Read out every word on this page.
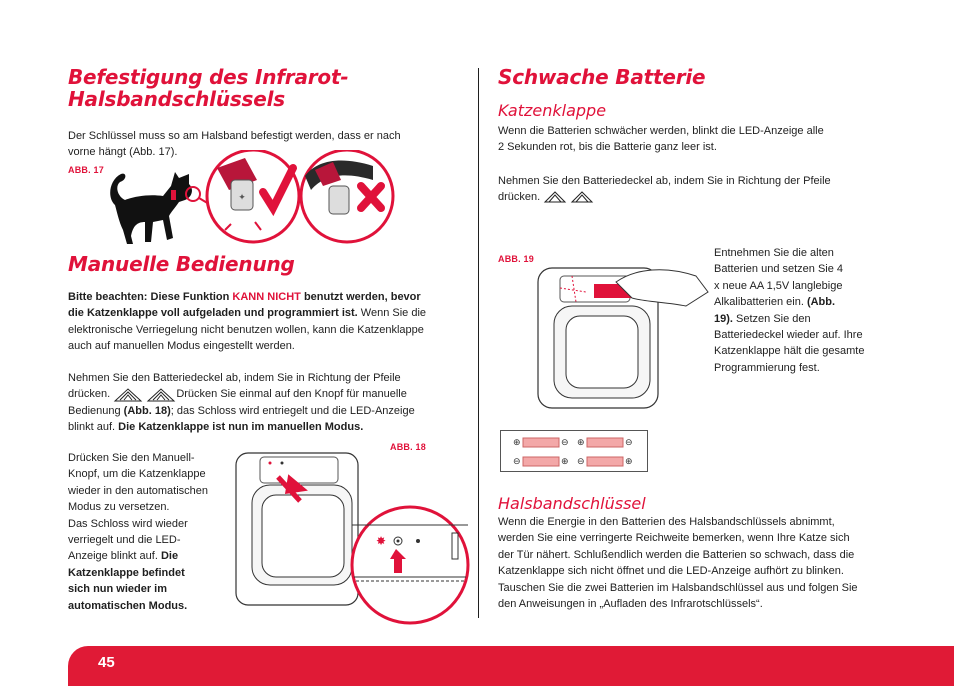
Befestigung des Infrarot-Halsbandschlüssels
Der Schlüssel muss so am Halsband befestigt werden, dass er nach
vorne hängt (Abb. 17).
ABB. 17
✦
Manuelle Bedienung
Bitte beachten: Diese Funktion KANN NICHT benutzt werden, bevor
die Katzenklappe voll aufgeladen und programmiert ist. Wenn Sie die
elektronische Verriegelung nicht benutzen wollen, kann die Katzenklappe
auch auf manuellen Modus eingestellt werden.
Nehmen Sie den Batteriedeckel ab, indem Sie in Richtung der Pfeile
drücken.	Drücken Sie einmal auf den Knopf für manuelle
Bedienung (Abb. 18); das Schloss wird entriegelt und die LED-Anzeige
blinkt auf. Die Katzenklappe ist nun im manuellen Modus.
ABB. 18
Drücken Sie den Manuell-
Knopf, um die Katzenklappe
wieder in den automatischen
Modus zu versetzen.
Das Schloss wird wieder
verriegelt und die LED-
Anzeige blinkt auf. Die
Katzenklappe befindet
sich nun wieder im
automatischen Modus.
✸
Schwache Batterie
Katzenklappe
Wenn die Batterien schwächer werden, blinkt die LED-Anzeige alle
2 Sekunden rot, bis die Batterie ganz leer ist.
Nehmen Sie den Batteriedeckel ab, indem Sie in Richtung der Pfeile
drücken.
ABB. 19	Entnehmen Sie die alten
Batterien und setzen Sie 4
x neue AA 1,5V langlebige
Alkalibatterien ein. (Abb.
19). Setzen Sie den
Batteriedeckel wieder auf. Ihre
Katzenklappe hält die gesamte
Programmierung fest.
⊕	⊖ ⊕	⊖
⊖	⊕ ⊖	⊕
Halsbandschlüssel
Wenn die Energie in den Batterien des Halsbandschlüssels abnimmt,
werden Sie eine verringerte Reichweite bemerken, wenn Ihre Katze sich
der Tür nähert. Schlußendlich werden die Batterien so schwach, dass die
Katzenklappe sich nicht öffnet und die LED-Anzeige aufhört zu blinken.
Tauschen Sie die zwei Batterien im Halsbandschlüssel aus und folgen Sie
den Anweisungen in „Aufladen des Infrarotschlüssels“.
45
